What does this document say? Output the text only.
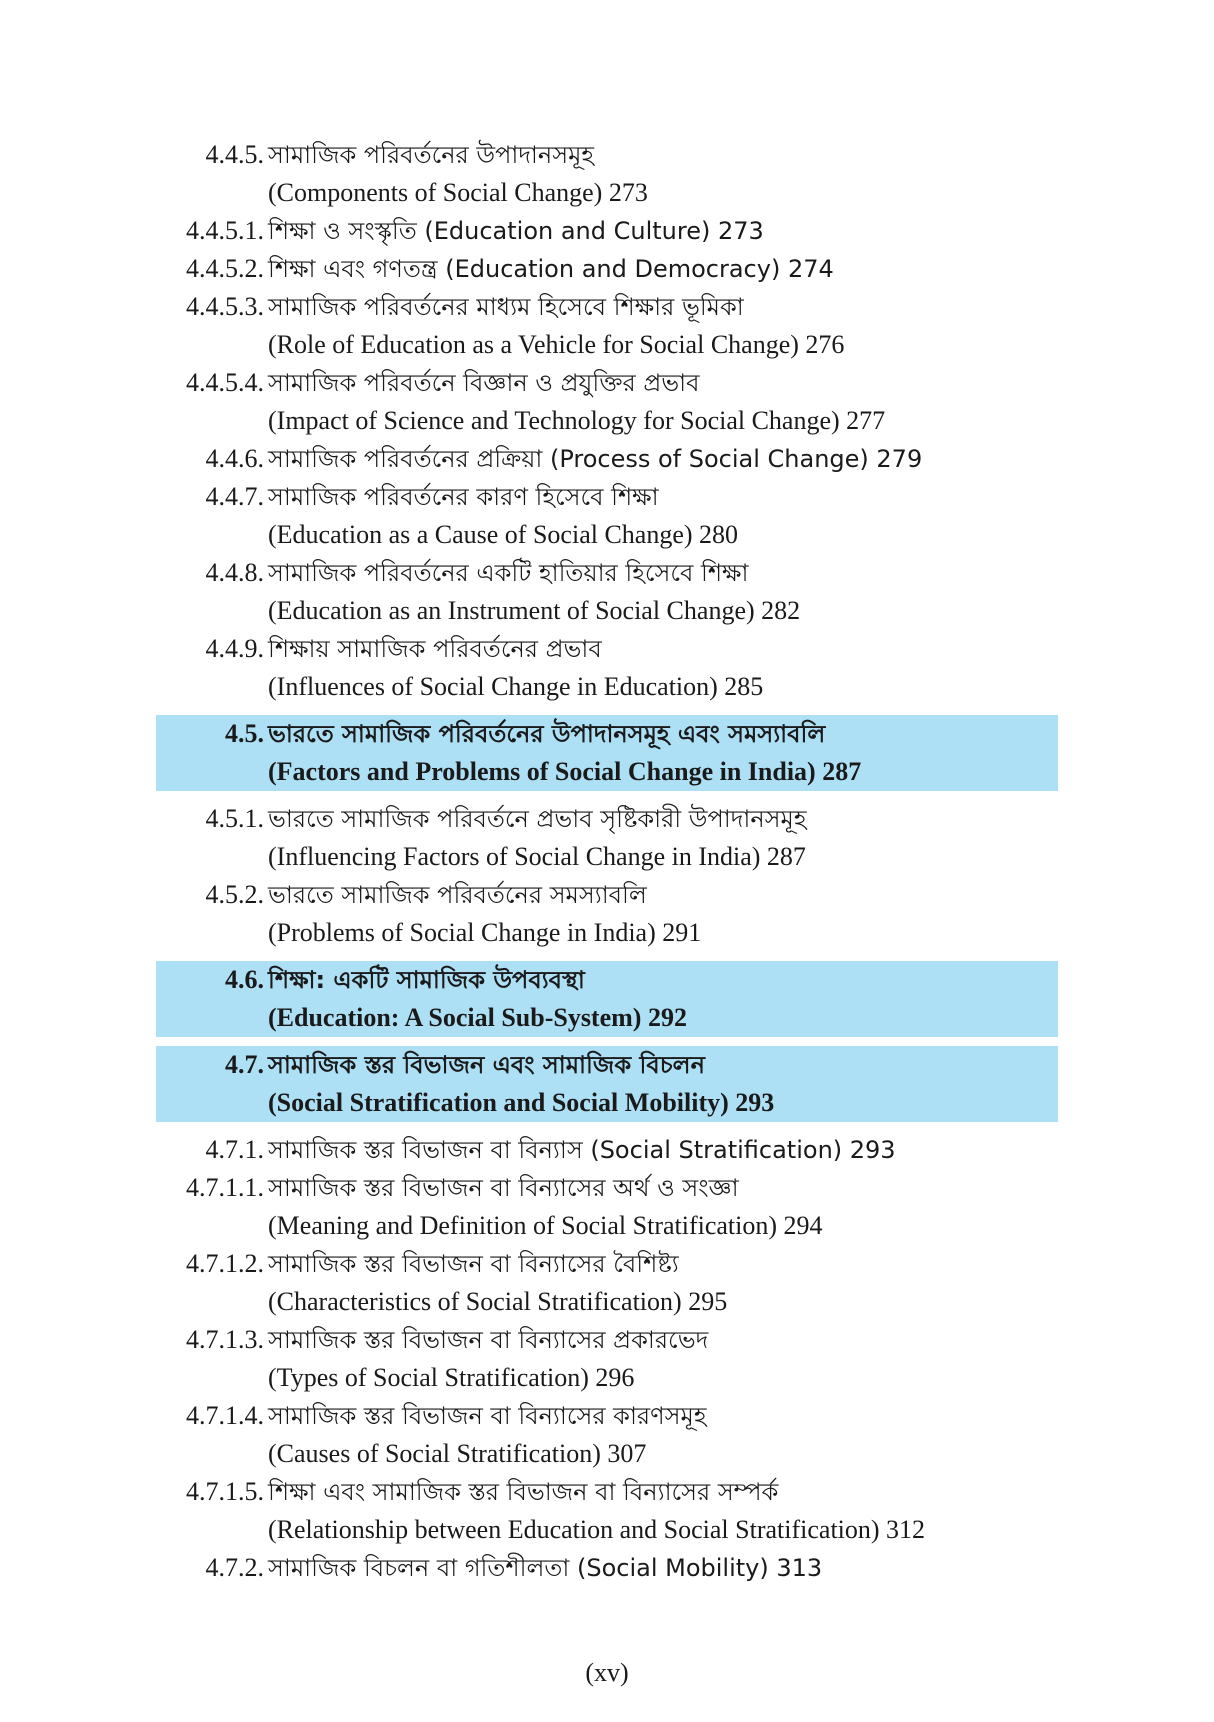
4.4.5. সামাজিক পরিবর্তনের উপাদানসমূহ
(Components of Social Change) 273
4.4.5.1. শিক্ষা ও সংস্কৃতি (Education and Culture) 273
4.4.5.2. শিক্ষা এবং গণতন্ত্র (Education and Democracy) 274
4.4.5.3. সামাজিক পরিবর্তনের মাধ্যম হিসেবে শিক্ষার ভূমিকা
(Role of Education as a Vehicle for Social Change) 276
4.4.5.4. সামাজিক পরিবর্তনে বিজ্ঞান ও প্রযুক্তির প্রভাব
(Impact of Science and Technology for Social Change) 277
4.4.6. সামাজিক পরিবর্তনের প্রক্রিয়া (Process of Social Change) 279
4.4.7. সামাজিক পরিবর্তনের কারণ হিসেবে শিক্ষা
(Education as a Cause of Social Change) 280
4.4.8. সামাজিক পরিবর্তনের একটি হাতিয়ার হিসেবে শিক্ষা
(Education as an Instrument of Social Change) 282
4.4.9. শিক্ষায় সামাজিক পরিবর্তনের প্রভাব
(Influences of Social Change in Education) 285
4.5. ভারতে সামাজিক পরিবর্তনের উপাদানসমূহ এবং সমস্যাবলি
(Factors and Problems of Social Change in India) 287
4.5.1. ভারতে সামাজিক পরিবর্তনে প্রভাব সৃষ্টিকারী উপাদানসমূহ
(Influencing Factors of Social Change in India) 287
4.5.2. ভারতে সামাজিক পরিবর্তনের সমস্যাবলি
(Problems of Social Change in India) 291
4.6. শিক্ষা: একটি সামাজিক উপব্যবস্থা
(Education: A Social Sub-System) 292
4.7. সামাজিক স্তর বিভাজন এবং সামাজিক বিচলন
(Social Stratification and Social Mobility) 293
4.7.1. সামাজিক স্তর বিভাজন বা বিন্যাস (Social Stratification) 293
4.7.1.1. সামাজিক স্তর বিভাজন বা বিন্যাসের অর্থ ও সংজ্ঞা
(Meaning and Definition of Social Stratification) 294
4.7.1.2. সামাজিক স্তর বিভাজন বা বিন্যাসের বৈশিষ্ট্য
(Characteristics of Social Stratification) 295
4.7.1.3. সামাজিক স্তর বিভাজন বা বিন্যাসের প্রকারভেদ
(Types of Social Stratification) 296
4.7.1.4. সামাজিক স্তর বিভাজন বা বিন্যাসের কারণসমূহ
(Causes of Social Stratification) 307
4.7.1.5. শিক্ষা এবং সামাজিক স্তর বিভাজন বা বিন্যাসের সম্পর্ক
(Relationship between Education and Social Stratification) 312
4.7.2. সামাজিক বিচলন বা গতিশীলতা (Social Mobility) 313
(xv)
